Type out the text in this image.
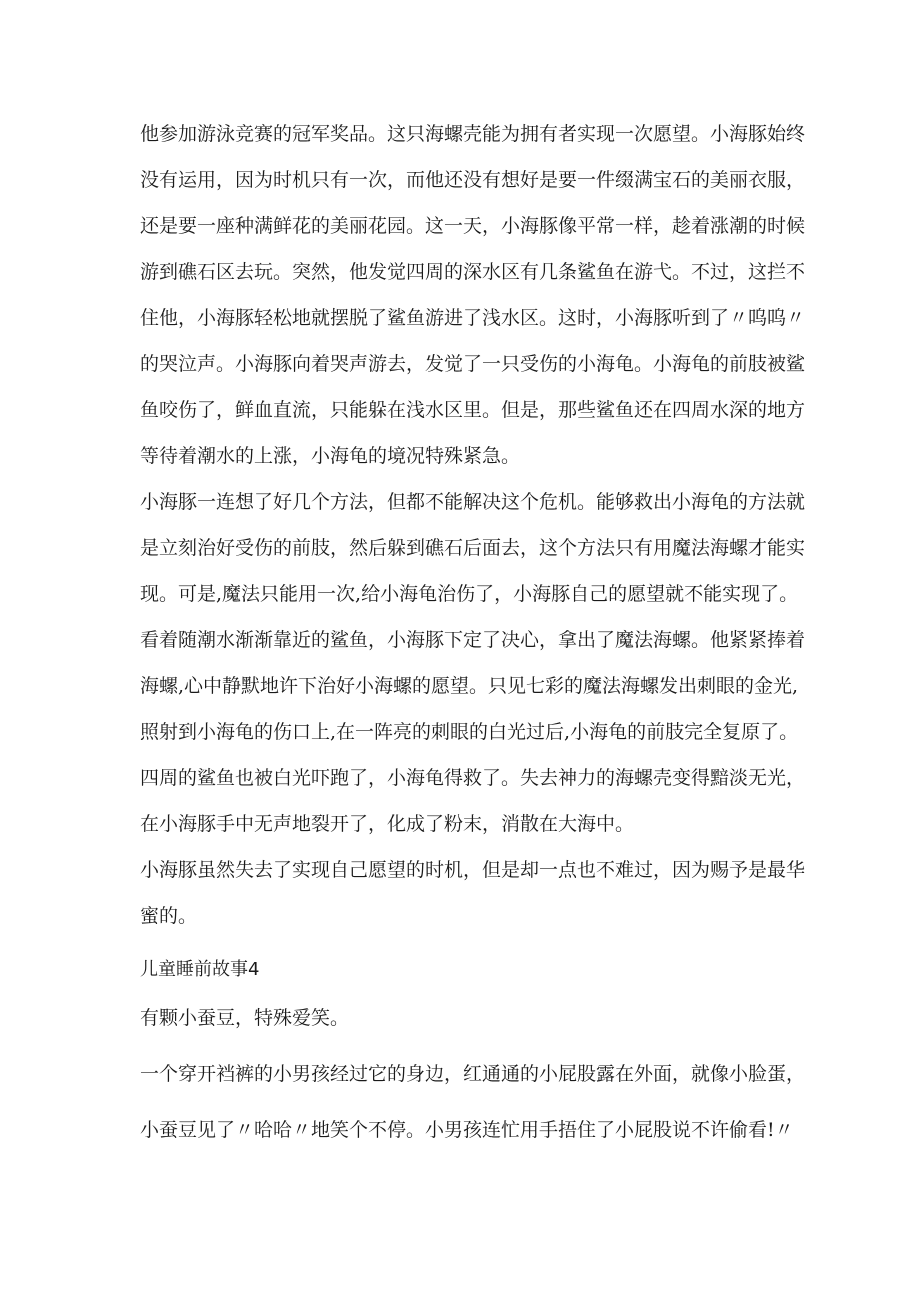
他参加游泳竞赛的冠军奖品。这只海螺壳能为拥有者实现一次愿望。小海豚始终
没有运用，因为时机只有一次，而他还没有想好是要一件缀满宝石的美丽衣服，
还是要一座种满鲜花的美丽花园。这一天，小海豚像平常一样，趁着涨潮的时候
游到礁石区去玩。突然，他发觉四周的深水区有几条鲨鱼在游弋。不过，这拦不
住他，小海豚轻松地就摆脱了鲨鱼游进了浅水区。这时，小海豚听到了〃呜呜〃
的哭泣声。小海豚向着哭声游去，发觉了一只受伤的小海龟。小海龟的前肢被鲨
鱼咬伤了，鲜血直流，只能躲在浅水区里。但是，那些鲨鱼还在四周水深的地方
等待着潮水的上涨，小海龟的境况特殊紧急。
小海豚一连想了好几个方法，但都不能解决这个危机。能够救出小海龟的方法就
是立刻治好受伤的前肢，然后躲到礁石后面去，这个方法只有用魔法海螺才能实
现。可是,魔法只能用一次,给小海龟治伤了，小海豚自己的愿望就不能实现了。
看着随潮水渐渐靠近的鲨鱼，小海豚下定了决心，拿出了魔法海螺。他紧紧捧着
海螺,心中静默地许下治好小海螺的愿望。只见七彩的魔法海螺发出刺眼的金光,
照射到小海龟的伤口上,在一阵亮的刺眼的白光过后,小海龟的前肢完全复原了。
四周的鲨鱼也被白光吓跑了，小海龟得救了。失去神力的海螺壳变得黯淡无光，
在小海豚手中无声地裂开了，化成了粉末，消散在大海中。
小海豚虽然失去了实现自己愿望的时机，但是却一点也不难过，因为赐予是最华
蜜的。
儿童睡前故事4
有颗小蚕豆，特殊爱笑。
一个穿开裆裤的小男孩经过它的身边，红通通的小屁股露在外面，就像小脸蛋，
小蚕豆见了〃哈哈〃地笑个不停。小男孩连忙用手捂住了小屁股说不许偷看!〃
